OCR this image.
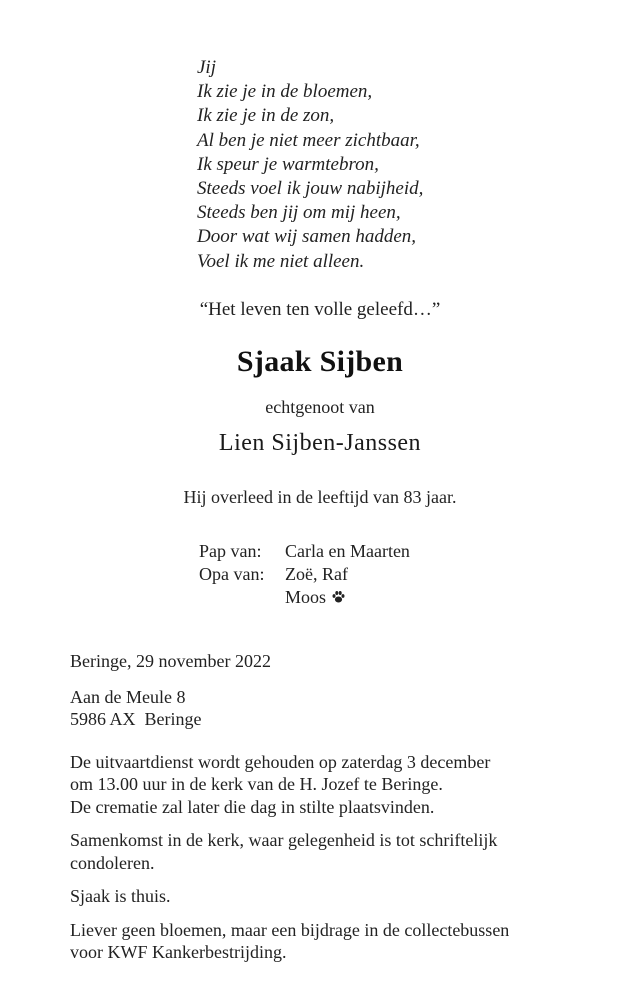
Jij
Ik zie je in de bloemen,
Ik zie je in de zon,
Al ben je niet meer zichtbaar,
Ik speur je warmtebron,
Steeds voel ik jouw nabijheid,
Steeds ben jij om mij heen,
Door wat wij samen hadden,
Voel ik me niet alleen.
“Het leven ten volle geleefd…”
Sjaak Sijben
echtgenoot van
Lien Sijben-Janssen
Hij overleed in de leeftijd van 83 jaar.
Pap van:	Carla en Maarten
Opa van:	Zoë, Raf
Moos

Beringe, 29 november 2022

Aan de Meule 8

5986 AX  Beringe

De uitvaartdienst wordt gehouden op zaterdag 3 december

om 13.00 uur in de kerk van de H. Jozef te Beringe.

De crematie zal later die dag in stilte plaatsvinden.

Samenkomst in de kerk, waar gelegenheid is tot schriftelijk

condoleren.

Sjaak is thuis.

Liever geen bloemen, maar een bijdrage in de collectebussen

voor KWF Kankerbestrijding.
